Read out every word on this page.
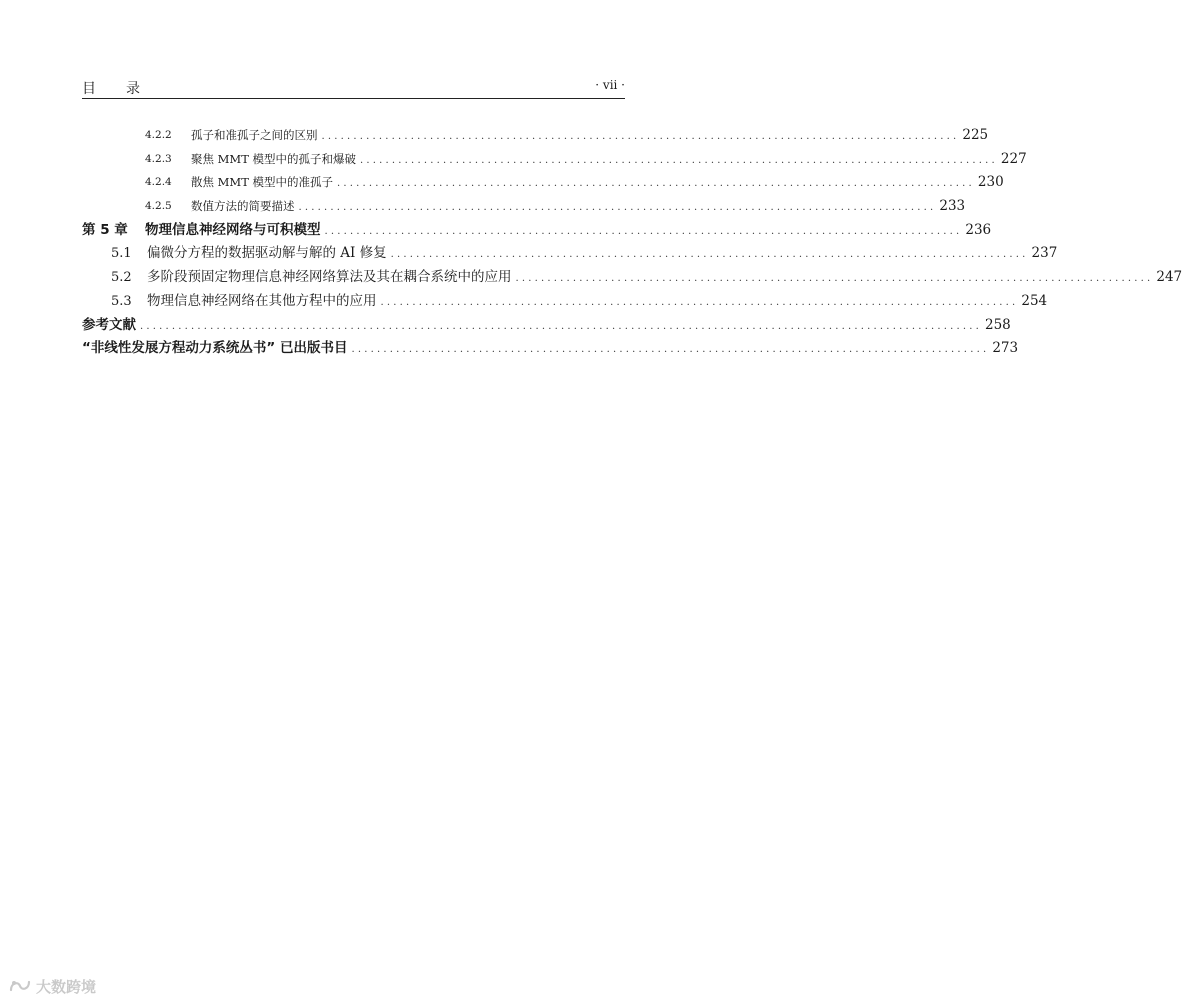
目录	· vii ·
4.2.2 孤子和准孤子之间的区别 .................................................................................................... 225
4.2.3 聚焦 MMT 模型中的孤子和爆破 .................................................................................................... 227
4.2.4 散焦 MMT 模型中的准孤子 .................................................................................................... 230
4.2.5 数值方法的简要描述 .................................................................................................... 233
第 5 章 物理信息神经网络与可积模型 .................................................................................................... 236
5.1 偏微分方程的数据驱动解与解的 AI 修复 .................................................................................................... 237
5.2 多阶段预固定物理信息神经网络算法及其在耦合系统中的应用 .................................................................................................... 247
5.3 物理信息神经网络在其他方程中的应用 .................................................................................................... 254
参考文献 .................................................................................................................................... 258
“非线性发展方程动力系统丛书” 已出版书目 .................................................................................................... 273
大数跨境
